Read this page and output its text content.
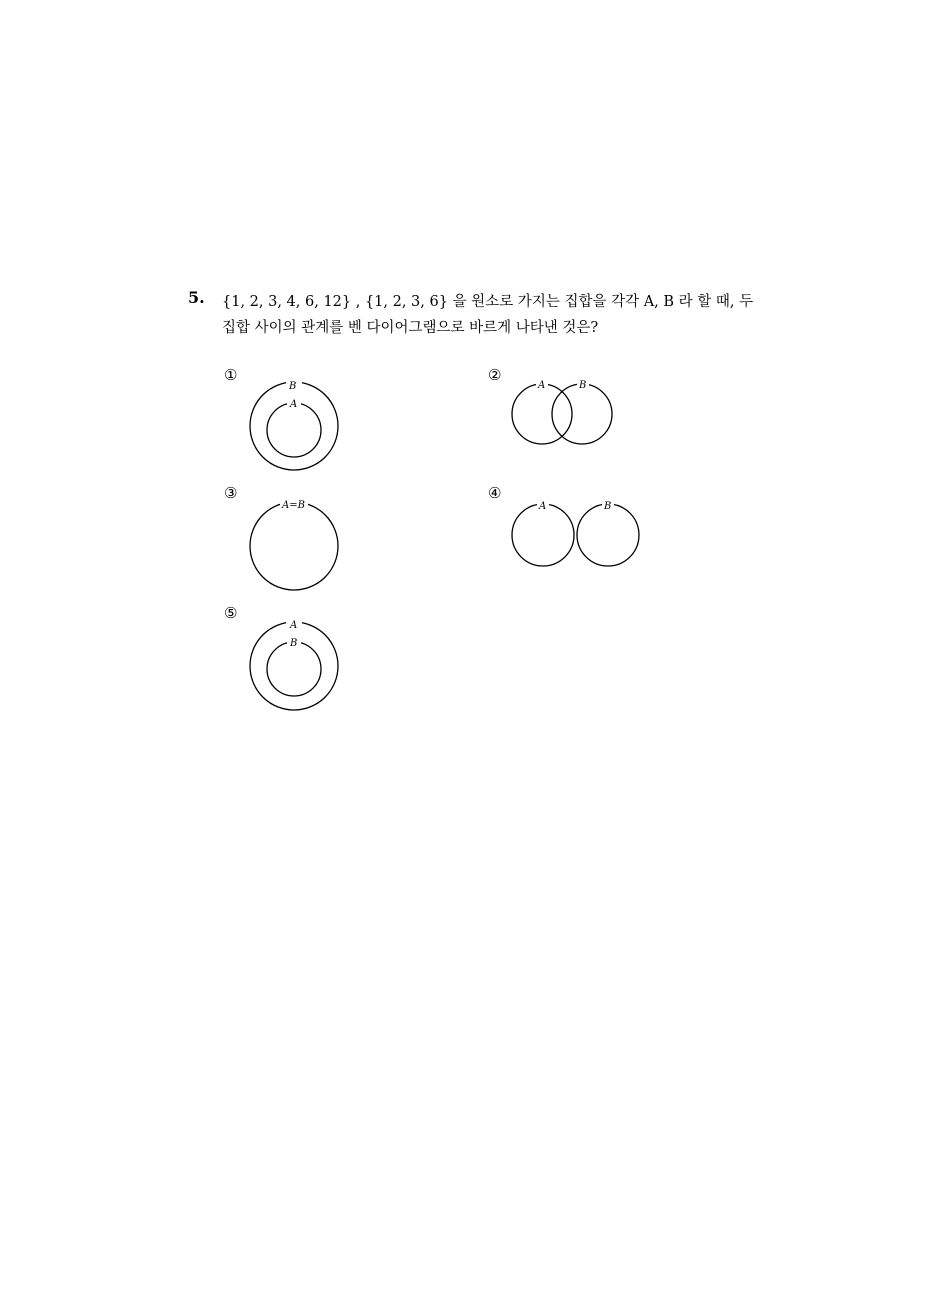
5. {1, 2, 3, 4, 6, 12} , {1, 2, 3, 6} 을 원소로 가지는 집합을 각각 A, B 라 할 때, 두
집합 사이의 관계를 벤 다이어그램으로 바르게 나타낸 것은?
①
B
A
②
A	B
③
A=B
④
A	B
⑤
A
B
